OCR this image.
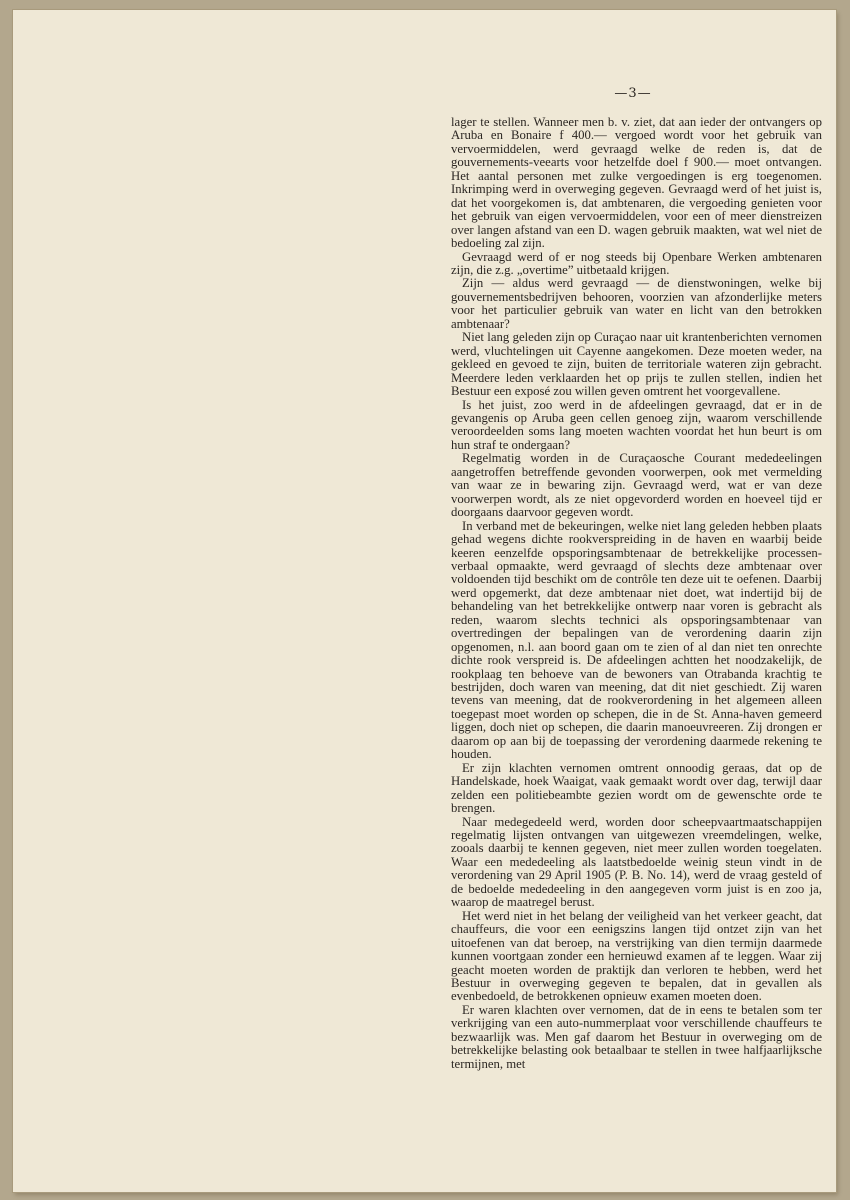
—3—

lager te stellen. Wanneer men b. v. ziet, dat aan ieder der ontvangers op Aruba en Bonaire f 400.— vergoed wordt voor het gebruik van vervoermiddelen, werd gevraagd welke de reden is, dat de gouvernements-veearts voor hetzelfde doel f 900.— moet ontvangen. Het aantal personen met zulke vergoedingen is erg toegenomen. Inkrimping werd in overweging gegeven. Gevraagd werd of het juist is, dat het voorgekomen is, dat ambtenaren, die vergoeding genieten voor het gebruik van eigen vervoermiddelen, voor een of meer dienstreizen over langen afstand van een D. wagen gebruik maakten, wat wel niet de bedoeling zal zijn.

Gevraagd werd of er nog steeds bij Openbare Werken ambtenaren zijn, die z.g. „overtime” uitbetaald krijgen.

Zijn — aldus werd gevraagd — de dienstwoningen, welke bij gouvernementsbedrijven behooren, voorzien van afzonderlijke meters voor het particulier gebruik van water en licht van den betrokken ambtenaar?

Niet lang geleden zijn op Curaçao naar uit krantenberichten vernomen werd, vluchtelingen uit Cayenne aangekomen. Deze moeten weder, na gekleed en gevoed te zijn, buiten de territoriale wateren zijn gebracht. Meerdere leden verklaarden het op prijs te zullen stellen, indien het Bestuur een exposé zou willen geven omtrent het voorgevallene.

Is het juist, zoo werd in de afdeelingen gevraagd, dat er in de gevangenis op Aruba geen cellen genoeg zijn, waarom verschillende veroordeelden soms lang moeten wachten voordat het hun beurt is om hun straf te ondergaan?

Regelmatig worden in de Curaçaosche Courant mededeelingen aangetroffen betreffende gevonden voorwerpen, ook met vermelding van waar ze in bewaring zijn. Gevraagd werd, wat er van deze voorwerpen wordt, als ze niet opgevorderd worden en hoeveel tijd er doorgaans daarvoor gegeven wordt.

In verband met de bekeuringen, welke niet lang geleden hebben plaats gehad wegens dichte rookverspreiding in de haven en waarbij beide keeren eenzelfde opsporingsambtenaar de betrekkelijke processen-verbaal opmaakte, werd gevraagd of slechts deze ambtenaar over voldoenden tijd beschikt om de contrôle ten deze uit te oefenen. Daarbij werd opgemerkt, dat deze ambtenaar niet doet, wat indertijd bij de behandeling van het betrekkelijke ontwerp naar voren is gebracht als reden, waarom slechts technici als opsporingsambtenaar van overtredingen der bepalingen van de verordening daarin zijn opgenomen, n.l. aan boord gaan om te zien of al dan niet ten onrechte dichte rook verspreid is. De afdeelingen achtten het noodzakelijk, de rookplaag ten behoeve van de bewoners van Otrabanda krachtig te bestrijden, doch waren van meening, dat dit niet geschiedt. Zij waren tevens van meening, dat de rookverordening in het algemeen alleen toegepast moet worden op schepen, die in de St. Anna-haven gemeerd liggen, doch niet op schepen, die daarin manoeuvreeren. Zij drongen er daarom op aan bij de toepassing der verordening daarmede rekening te houden.

Er zijn klachten vernomen omtrent onnoodig geraas, dat op de Handelskade, hoek Waaigat, vaak gemaakt wordt over dag, terwijl daar zelden een politiebeambte gezien wordt om de gewenschte orde te brengen.

Naar medegedeeld werd, worden door scheepvaartmaatschappijen regelmatig lijsten ontvangen van uitgewezen vreemdelingen, welke, zooals daarbij te kennen gegeven, niet meer zullen worden toegelaten. Waar een mededeeling als laatstbedoelde weinig steun vindt in de verordening van 29 April 1905 (P. B. No. 14), werd de vraag gesteld of de bedoelde mededeeling in den aangegeven vorm juist is en zoo ja, waarop de maatregel berust.

Het werd niet in het belang der veiligheid van het verkeer geacht, dat chauffeurs, die voor een eenigszins langen tijd ontzet zijn van het uitoefenen van dat beroep, na verstrijking van dien termijn daarmede kunnen voortgaan zonder een hernieuwd examen af te leggen. Waar zij geacht moeten worden de praktijk dan verloren te hebben, werd het Bestuur in overweging gegeven te bepalen, dat in gevallen als evenbedoeld, de betrokkenen opnieuw examen moeten doen.

Er waren klachten over vernomen, dat de in eens te betalen som ter verkrijging van een auto-nummerplaat voor verschillende chauffeurs te bezwaarlijk was. Men gaf daarom het Bestuur in overweging om de betrekkelijke belasting ook betaalbaar te stellen in twee halfjaarlijksche termijnen, met
